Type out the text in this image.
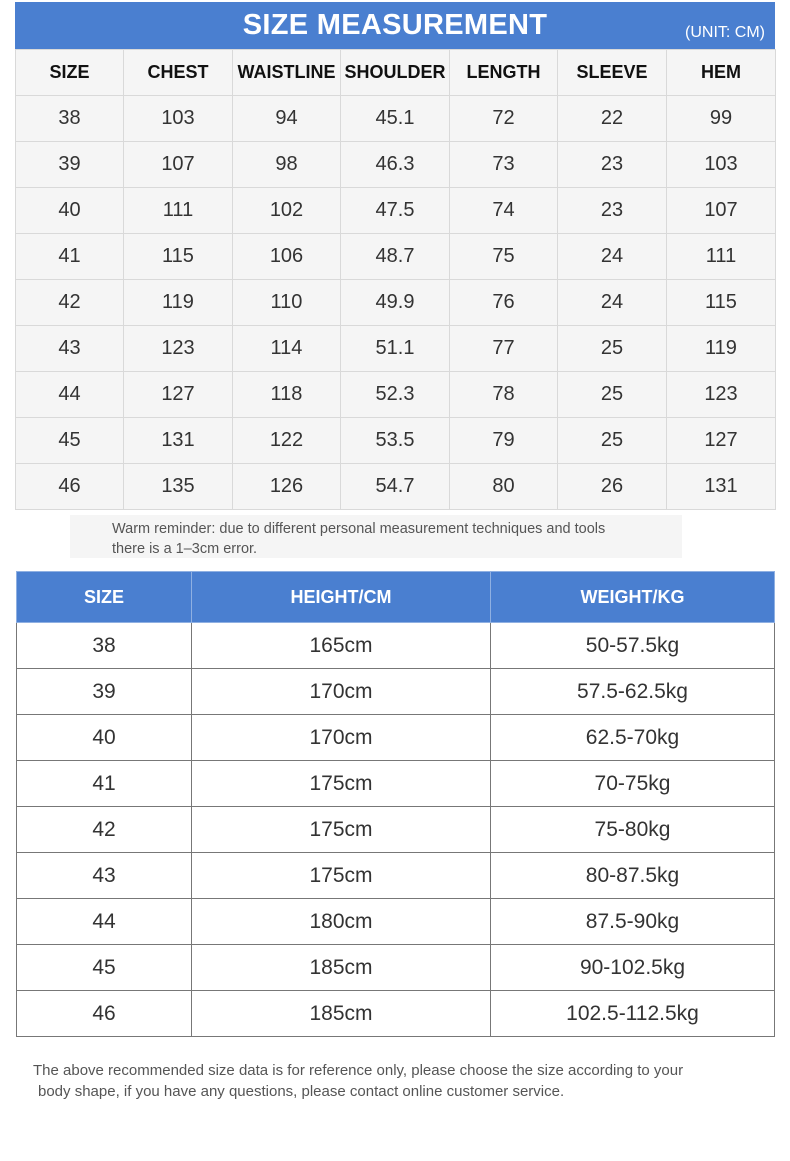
SIZE MEASUREMENT	(UNIT: CM)
SIZE	CHEST	WAISTLINE	SHOULDER	LENGTH	SLEEVE	HEM
38	103	94	45.1	72	22	99
39	107	98	46.3	73	23	103
40	111	102	47.5	74	23	107
41	115	106	48.7	75	24	111
42	119	110	49.9	76	24	115
43	123	114	51.1	77	25	119
44	127	118	52.3	78	25	123
45	131	122	53.5	79	25	127
46	135	126	54.7	80	26	131
Warm reminder: due to different personal measurement techniques and tools
there is a 1–3cm error.
SIZE	HEIGHT/CM	WEIGHT/KG
38	165cm	50-57.5kg
39	170cm	57.5-62.5kg
40	170cm	62.5-70kg
41	175cm	70-75kg
42	175cm	75-80kg
43	175cm	80-87.5kg
44	180cm	87.5-90kg
45	185cm	90-102.5kg
46	185cm	102.5-112.5kg
The above recommended size data is for reference only, please choose the size according to your
body shape, if you have any questions, please contact online customer service.
